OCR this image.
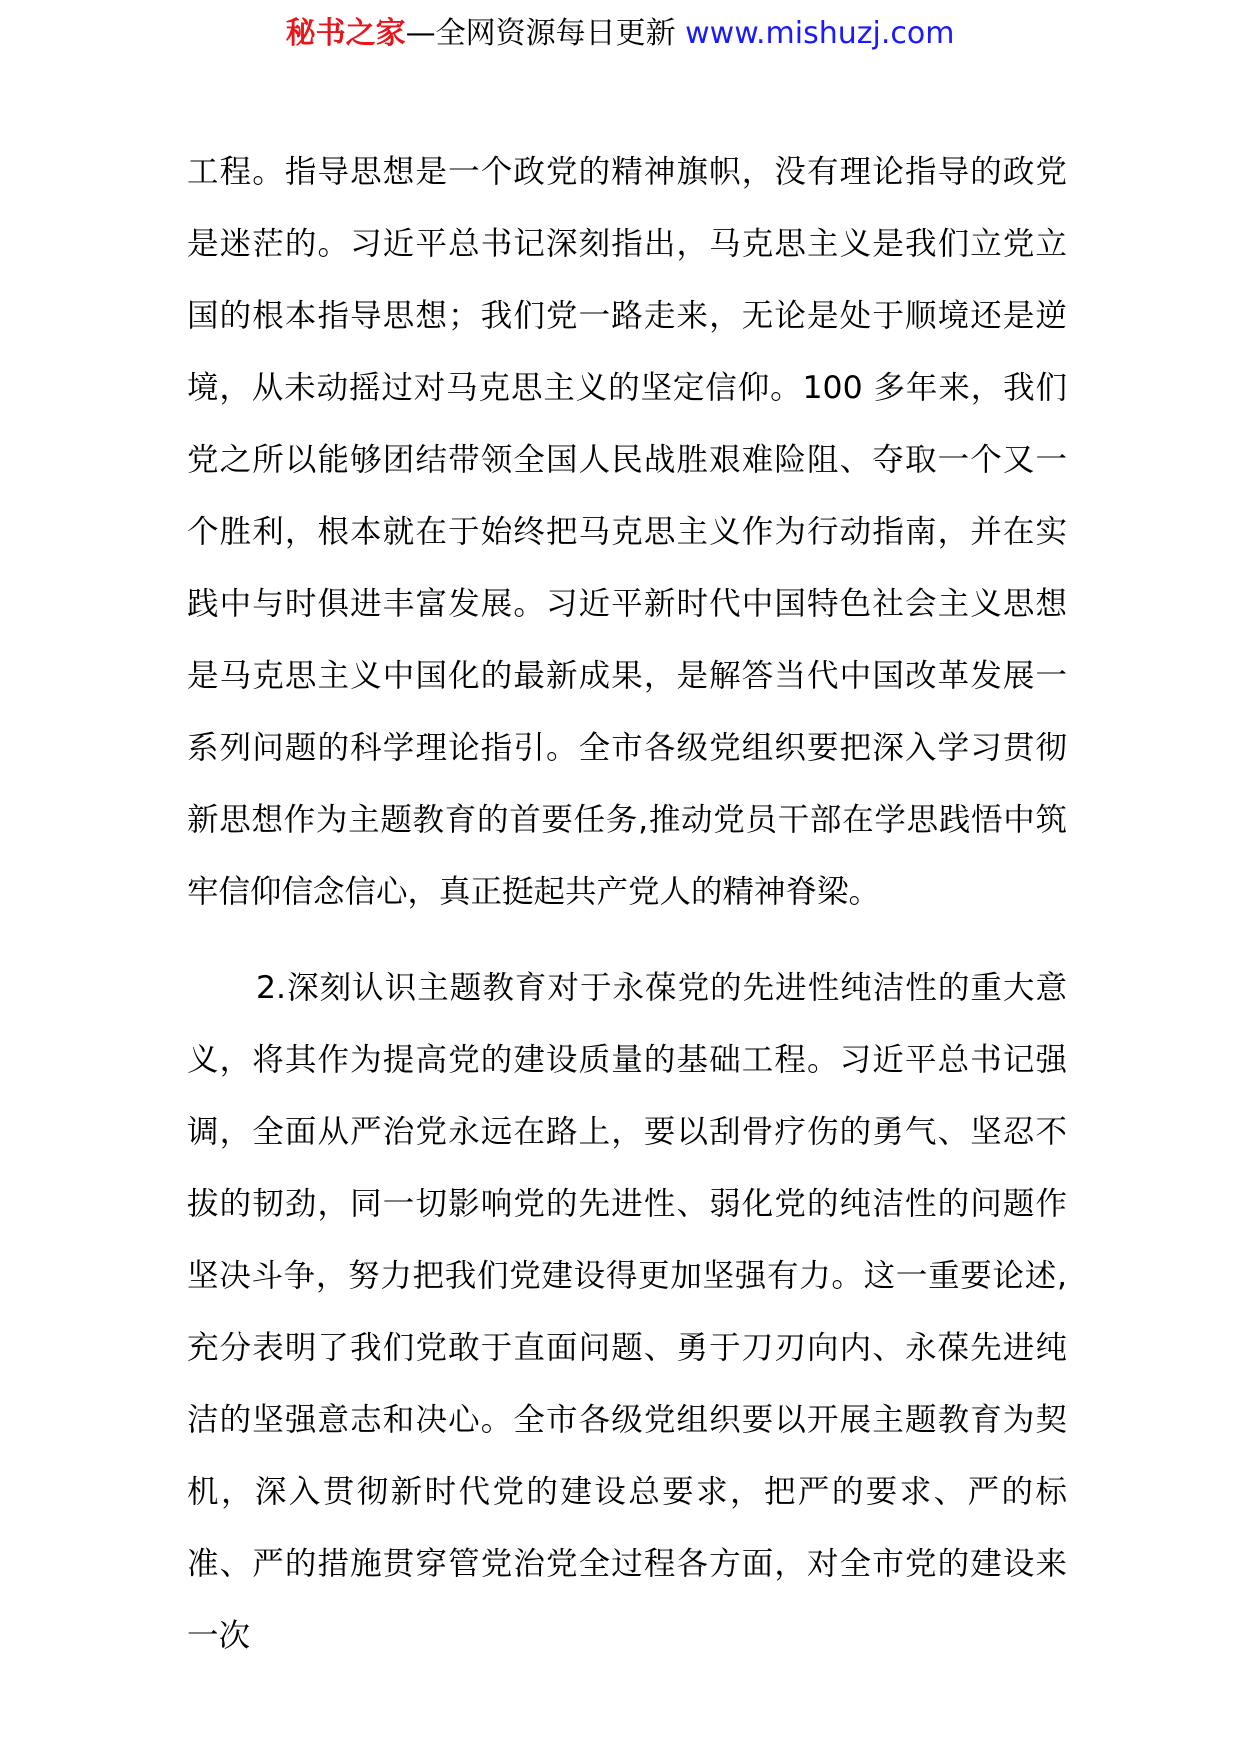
秘书之家—全网资源每日更新 www.mishuzj.com

工程。指导思想是一个政党的精神旗帜，没有理论指导的政党是迷茫的。习近平总书记深刻指出，马克思主义是我们立党立国的根本指导思想；我们党一路走来，无论是处于顺境还是逆境，从未动摇过对马克思主义的坚定信仰。100 多年来，我们党之所以能够团结带领全国人民战胜艰难险阻、夺取一个又一个胜利，根本就在于始终把马克思主义作为行动指南，并在实践中与时俱进丰富发展。习近平新时代中国特色社会主义思想是马克思主义中国化的最新成果，是解答当代中国改革发展一系列问题的科学理论指引。全市各级党组织要把深入学习贯彻新思想作为主题教育的首要任务,推动党员干部在学思践悟中筑牢信仰信念信心，真正挺起共产党人的精神脊梁。

2.深刻认识主题教育对于永葆党的先进性纯洁性的重大意义，将其作为提高党的建设质量的基础工程。习近平总书记强调，全面从严治党永远在路上，要以刮骨疗伤的勇气、坚忍不拔的韧劲，同一切影响党的先进性、弱化党的纯洁性的问题作坚决斗争，努力把我们党建设得更加坚强有力。这一重要论述,充分表明了我们党敢于直面问题、勇于刀刃向内、永葆先进纯洁的坚强意志和决心。全市各级党组织要以开展主题教育为契机，深入贯彻新时代党的建设总要求，把严的要求、严的标准、严的措施贯穿管党治党全过程各方面，对全市党的建设来一次
